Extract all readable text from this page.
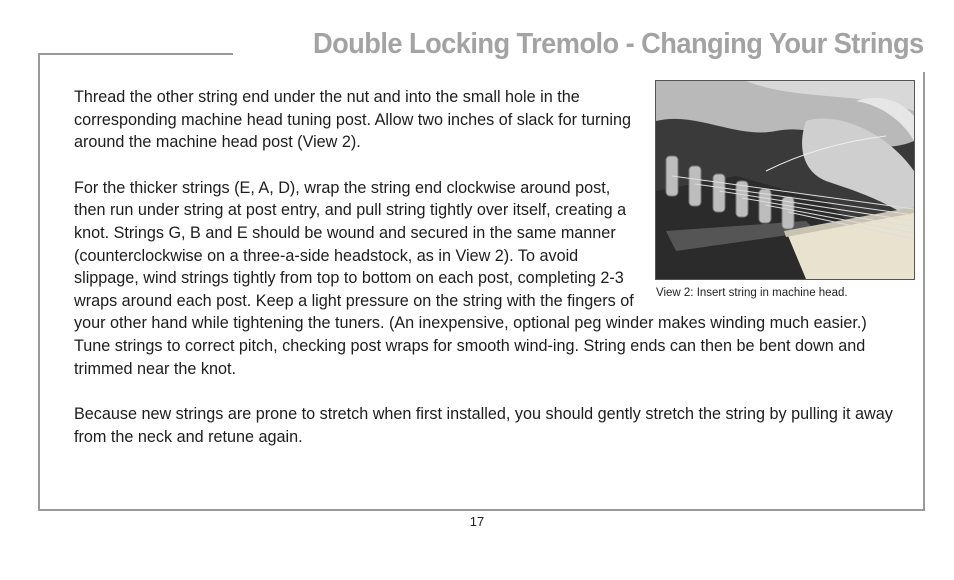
Double Locking Tremolo - Changing Your Strings
View 2: Insert string in machine head.

Thread the other string end under the nut and into the small hole in the corresponding machine head tuning post. Allow two inches of slack for turning around the machine head post (View 2).

For the thicker strings (E, A, D), wrap the string end clockwise around post, then run under string at post entry, and pull string tightly over itself, creating a knot. Strings G, B and E should be wound and secured in the same manner (counterclockwise on a three-a-side headstock, as in View 2). To avoid slippage, wind strings tightly from top to bottom on each post, completing 2-3 wraps around each post. Keep a light pressure on the string with the fingers of your other hand while tightening the tuners. (An inexpensive, optional peg winder makes winding much easier.) Tune strings to correct pitch, checking post wraps for smooth wind-ing. String ends can then be bent down and trimmed near the knot.

Because new strings are prone to stretch when first installed, you should gently stretch the string by pulling it away from the neck and retune again.

17
